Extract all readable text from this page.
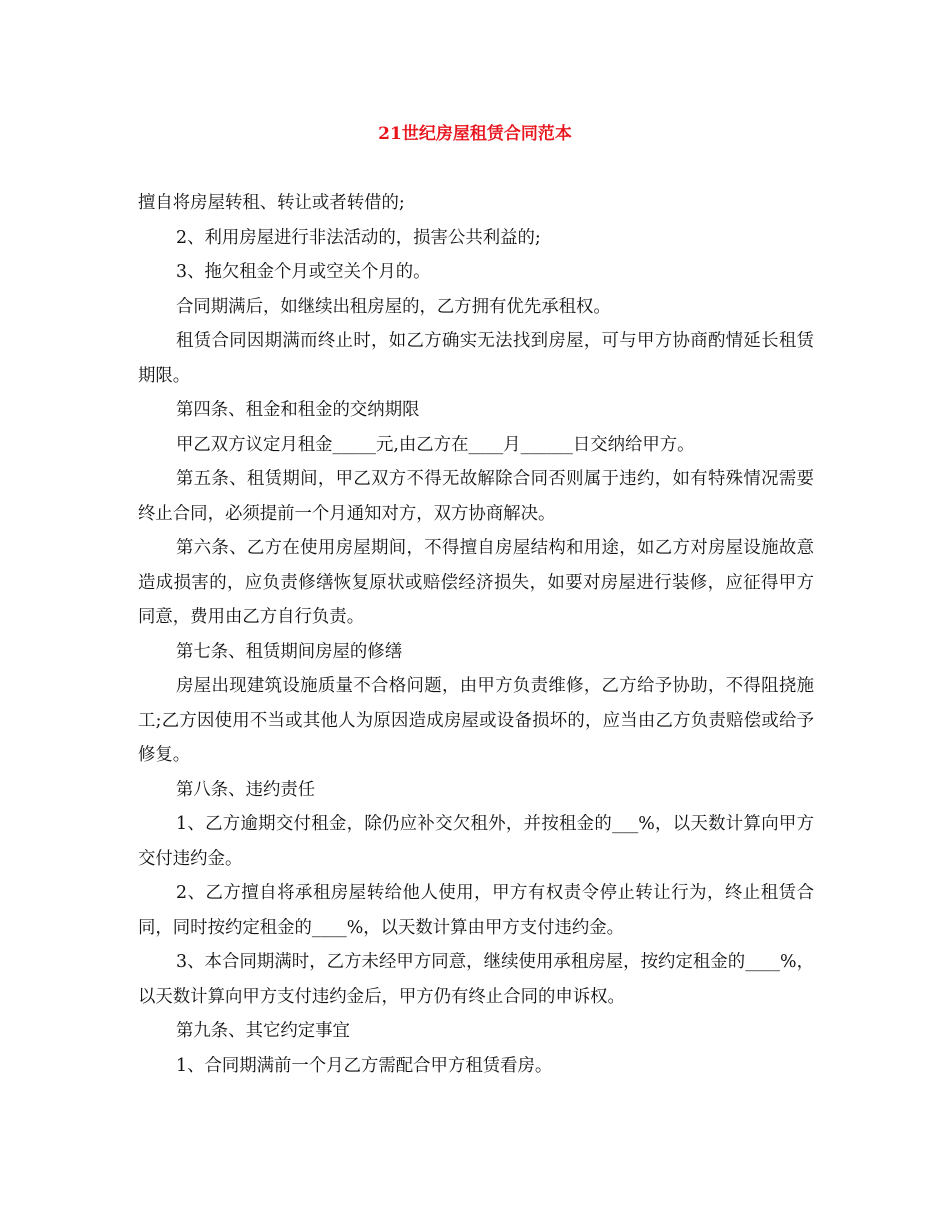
21世纪房屋租赁合同范本

擅自将房屋转租、转让或者转借的;

2、利用房屋进行非法活动的，损害公共利益的;

3、拖欠租金个月或空关个月的。

合同期满后，如继续出租房屋的，乙方拥有优先承租权。

租赁合同因期满而终止时，如乙方确实无法找到房屋，可与甲方协商酌情延长租赁期限。

第四条、租金和租金的交纳期限

甲乙双方议定月租金_____元,由乙方在____月______日交纳给甲方。

第五条、租赁期间，甲乙双方不得无故解除合同否则属于违约，如有特殊情况需要终止合同，必须提前一个月通知对方，双方协商解决。

第六条、乙方在使用房屋期间，不得擅自房屋结构和用途，如乙方对房屋设施故意造成损害的，应负责修缮恢复原状或赔偿经济损失，如要对房屋进行装修，应征得甲方同意，费用由乙方自行负责。

第七条、租赁期间房屋的修缮

房屋出现建筑设施质量不合格问题，由甲方负责维修，乙方给予协助，不得阻挠施工;乙方因使用不当或其他人为原因造成房屋或设备损坏的，应当由乙方负责赔偿或给予修复。

第八条、违约责任

1、乙方逾期交付租金，除仍应补交欠租外，并按租金的___%，以天数计算向甲方交付违约金。

2、乙方擅自将承租房屋转给他人使用，甲方有权责令停止转让行为，终止租赁合同，同时按约定租金的____%，以天数计算由甲方支付违约金。

3、本合同期满时，乙方未经甲方同意，继续使用承租房屋，按约定租金的____%，以天数计算向甲方支付违约金后，甲方仍有终止合同的申诉权。

第九条、其它约定事宜

1、合同期满前一个月乙方需配合甲方租赁看房。
